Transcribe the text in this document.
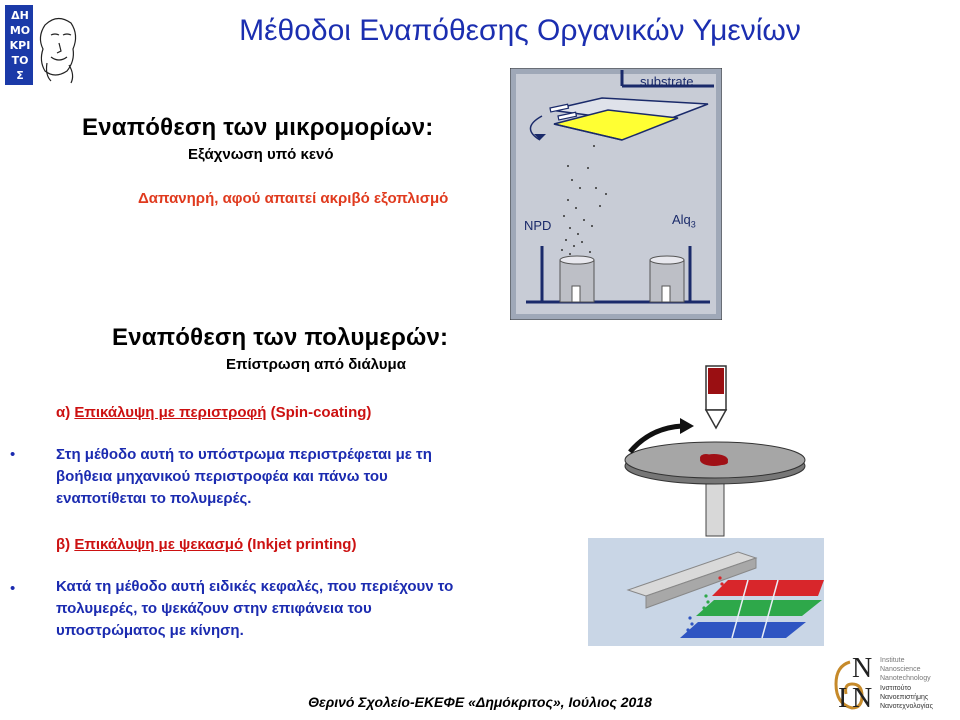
ΔΗ
ΜΟ
ΚΡΙ
ΤΟ
Σ
Μέθοδοι Εναπόθεσης Οργανικών Υμενίων
Εναπόθεση των μικρομορίων:
Εξάχνωση υπό κενό
Δαπανηρή, αφού απαιτεί ακριβό εξοπλισμό
substrate
NPD	Alq$_3$
Εναπόθεση των πολυμερών:
Επίστρωση από διάλυμα
α) Επικάλυψη με περιστροφή (Spin-coating)
•	Στη μέθοδο αυτή το υπόστρωμα περιστρέφεται με τη
βοήθεια μηχανικού περιστροφέα και πάνω του
εναποτίθεται το πολυμερές.
β) Επικάλυψη με ψεκασμό (Inkjet printing)
•	Κατά τη μέθοδο αυτή ειδικές κεφαλές, που περιέχουν το
πολυμερές, το ψεκάζουν στην επιφάνεια του
υποστρώματος με κίνηση.
N
I N
Institute
Nanoscience
Nanotechnology
Ινστιτούτο
Νανοεπιστήμης
Νανοτεχνολογίας
Θερινό Σχολείο-ΕΚΕΦΕ «Δημόκριτος», Ιούλιος 2018
